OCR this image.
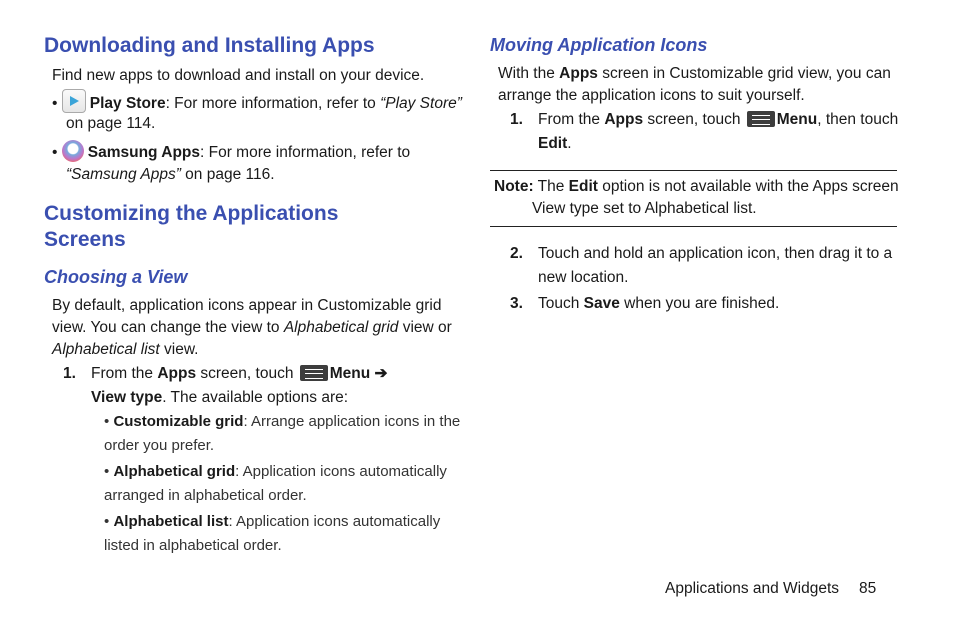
Downloading and Installing Apps
Find new apps to download and install on your device.
• Play Store: For more information, refer to “Play Store”
on page 114.
• Samsung Apps: For more information, refer to
“Samsung Apps” on page 116.
Customizing the Applications
Screens
Choosing a View
By default, application icons appear in Customizable grid
view. You can change the view to Alphabetical grid view or
Alphabetical list view.
1. From the Apps screen, touch Menu ➔
View type. The available options are:
• Customizable grid: Arrange application icons in the
order you prefer.
• Alphabetical grid: Application icons automatically
arranged in alphabetical order.
• Alphabetical list: Application icons automatically
listed in alphabetical order.
Moving Application Icons
With the Apps screen in Customizable grid view, you can
arrange the application icons to suit yourself.
1. From the Apps screen, touch Menu, then touch
Edit.
Note: The Edit option is not available with the Apps screen
View type set to Alphabetical list.
2. Touch and hold an application icon, then drag it to a
new location.
3. Touch Save when you are finished.
Applications and Widgets 85
